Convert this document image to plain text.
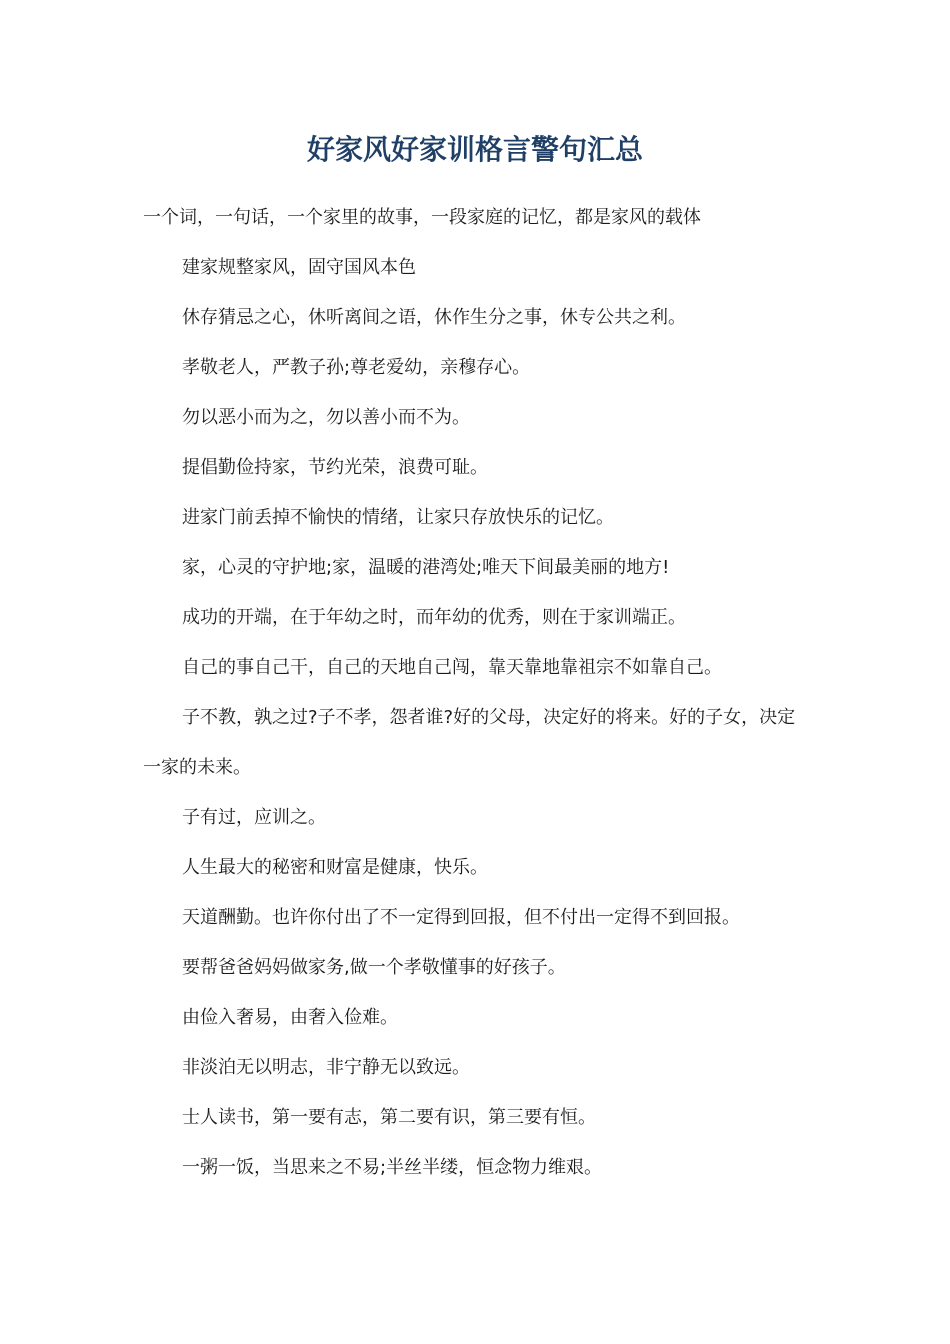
好家风好家训格言警句汇总
一个词，一句话，一个家里的故事，一段家庭的记忆，都是家风的载体
建家规整家风，固守国风本色
休存猜忌之心，休听离间之语，休作生分之事，休专公共之利。
孝敬老人，严教子孙;尊老爱幼，亲穆存心。
勿以恶小而为之，勿以善小而不为。
提倡勤俭持家，节约光荣，浪费可耻。
进家门前丢掉不愉快的情绪，让家只存放快乐的记忆。
家，心灵的守护地;家，温暖的港湾处;唯天下间最美丽的地方!
成功的开端，在于年幼之时，而年幼的优秀，则在于家训端正。
自己的事自己干，自己的天地自己闯，靠天靠地靠祖宗不如靠自己。
子不教，孰之过?子不孝，怨者谁?好的父母，决定好的将来。好的子女，决定一家的未来。
子有过，应训之。
人生最大的秘密和财富是健康，快乐。
天道酬勤。也许你付出了不一定得到回报，但不付出一定得不到回报。
要帮爸爸妈妈做家务,做一个孝敬懂事的好孩子。
由俭入奢易，由奢入俭难。
非淡泊无以明志，非宁静无以致远。
士人读书，第一要有志，第二要有识，第三要有恒。
一粥一饭，当思来之不易;半丝半缕，恒念物力维艰。
